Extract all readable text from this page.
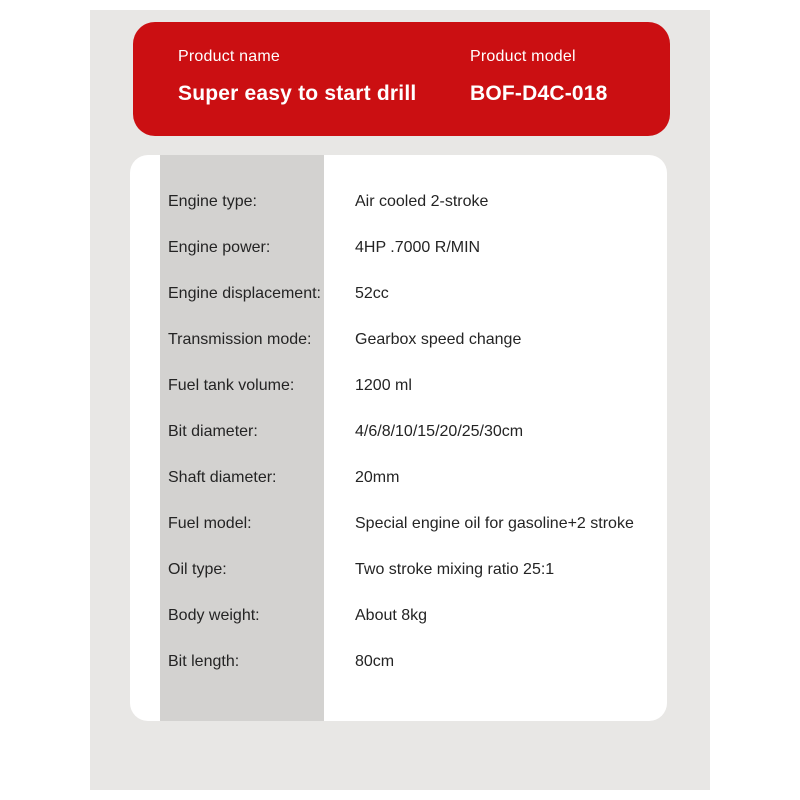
Product name
Super easy to start drill
Product model
BOF-D4C-018
Engine type:	Air cooled 2-stroke
Engine power:	4HP .7000 R/MIN
Engine displacement: 52cc
Transmission mode:	Gearbox speed change
Fuel tank volume:	1200 ml
Bit diameter:	4/6/8/10/15/20/25/30cm
Shaft diameter:	20mm
Fuel model:	Special engine oil for gasoline+2 stroke
Oil type:	Two stroke mixing ratio 25:1
Body weight:	About 8kg
Bit length:	80cm
